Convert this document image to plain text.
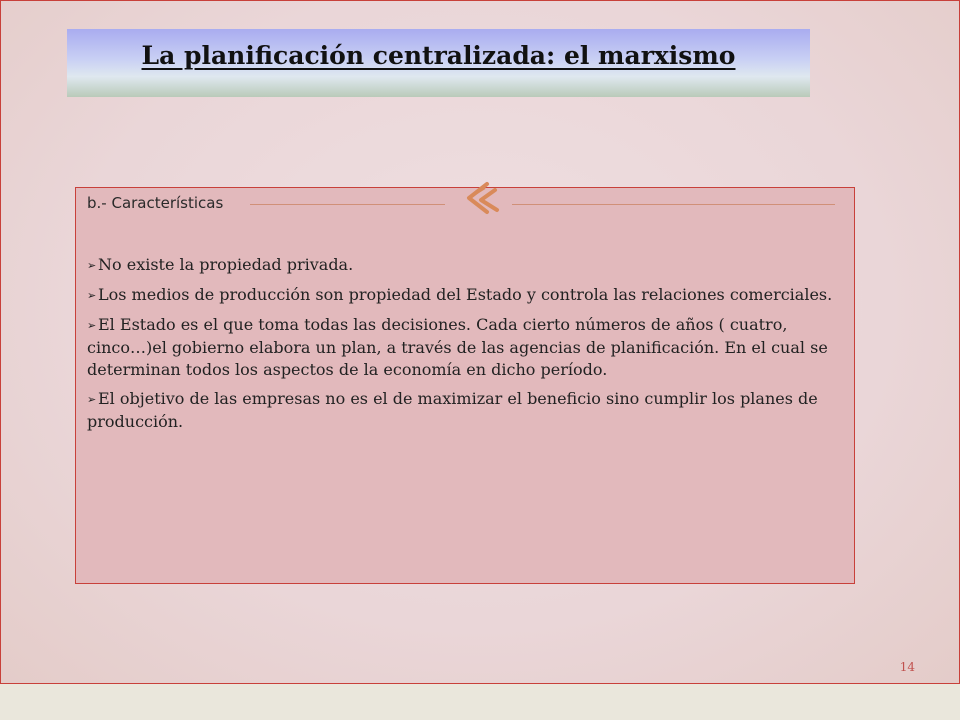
La planificación centralizada: el marxismo
b.- Características
➢ No existe la propiedad privada.
➢ Los medios de producción son propiedad del Estado y controla las relaciones comerciales.
➢ El Estado es el que toma todas las decisiones. Cada cierto números de años ( cuatro, cinco…)el gobierno elabora un plan, a través de las agencias de planificación. En el cual se determinan todos los aspectos de la economía en dicho período.
➢ El objetivo de las empresas no es el de maximizar el beneficio sino cumplir los planes de producción.
14
